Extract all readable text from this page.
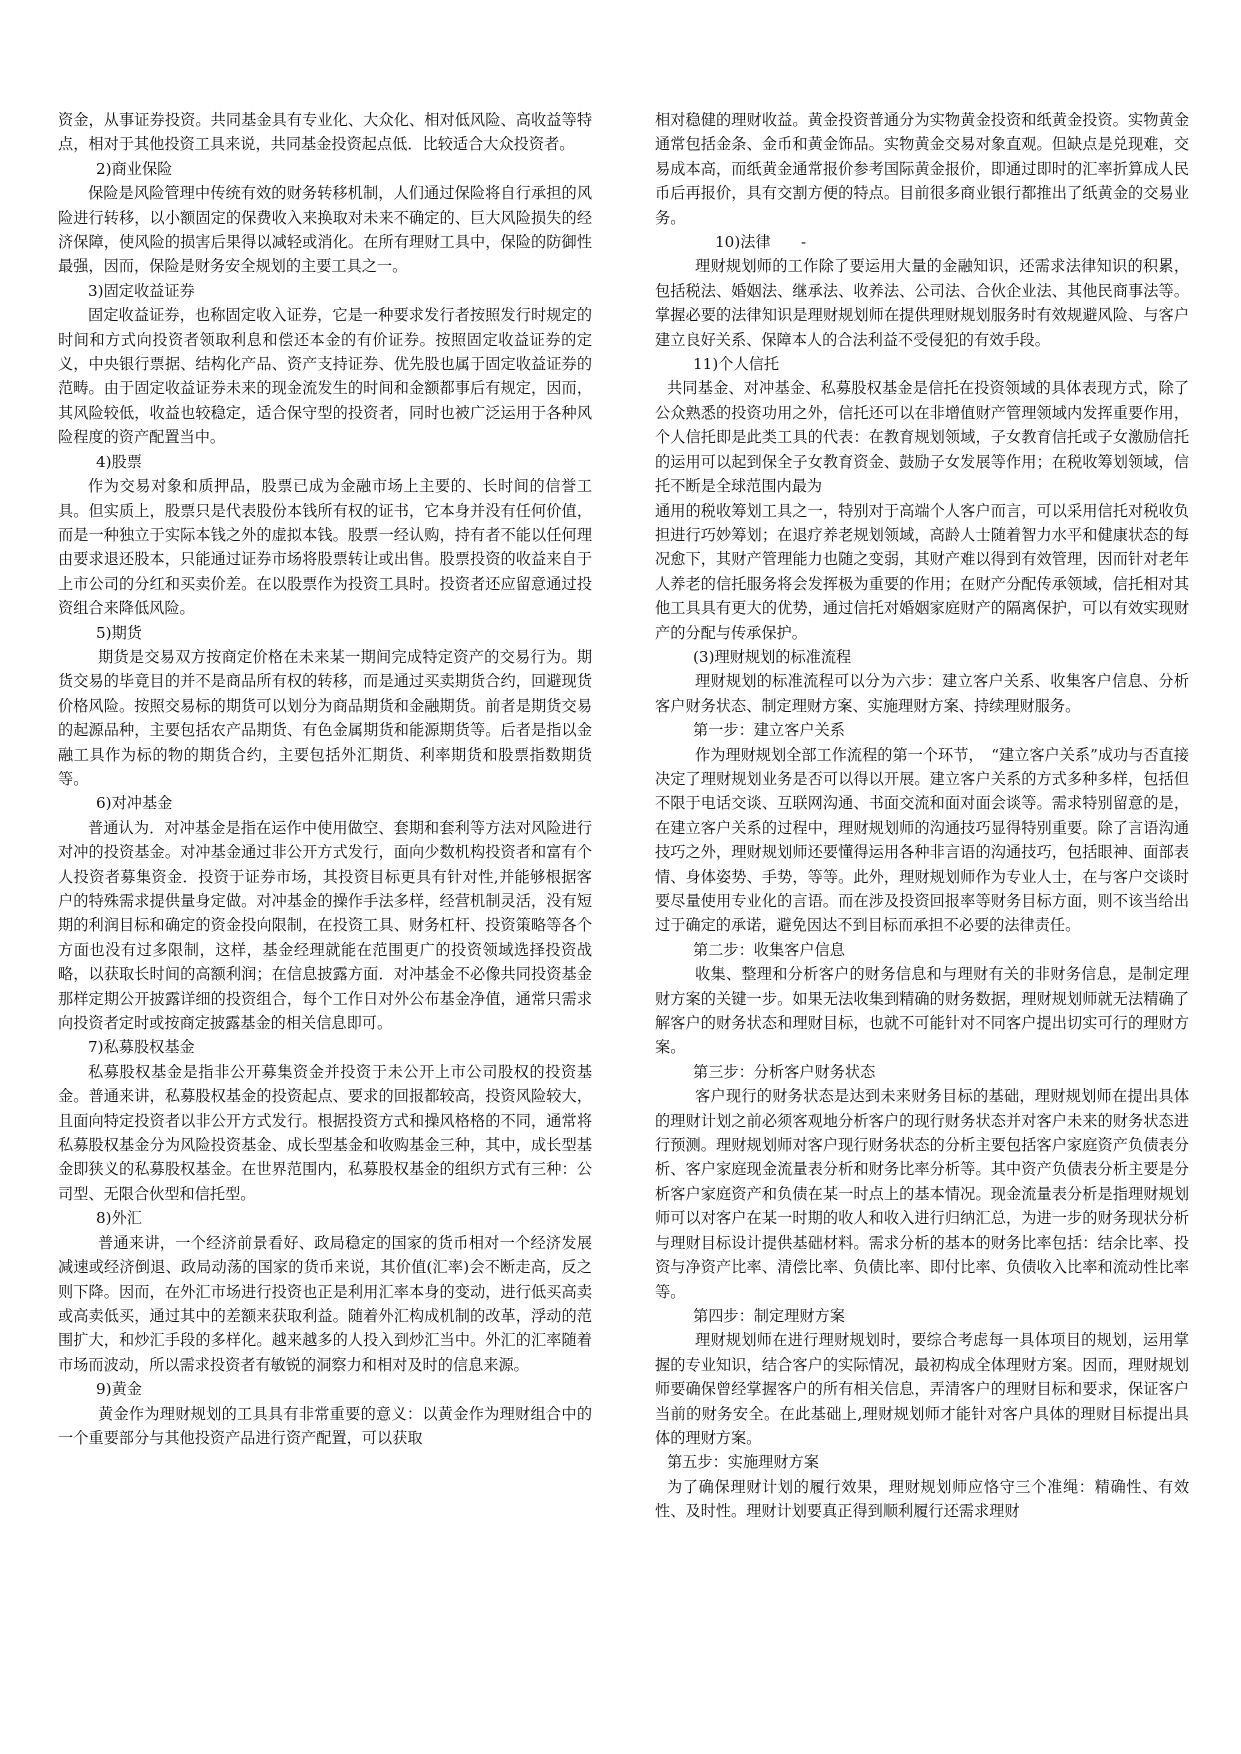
资金，从事证券投资。共同基金具有专业化、大众化、相对低风险、高收益等特点，相对于其他投资工具来说，共同基金投资起点低．比较适合大众投资者。

2)商业保险

保险是风险管理中传统有效的财务转移机制，人们通过保险将自行承担的风险进行转移，以小额固定的保费收入来换取对未来不确定的、巨大风险损失的经济保障，使风险的损害后果得以减轻或消化。在所有理财工具中，保险的防御性最强，因而，保险是财务安全规划的主要工具之一。

3)固定收益证券

固定收益证券，也称固定收入证券，它是一种要求发行者按照发行时规定的时间和方式向投资者领取利息和偿还本金的有价证券。按照固定收益证券的定义，中央银行票据、结构化产品、资产支持证券、优先股也属于固定收益证券的范畴。由于固定收益证券未来的现金流发生的时间和金额都事后有规定，因而，其风险较低，收益也较稳定，适合保守型的投资者，同时也被广泛运用于各种风险程度的资产配置当中。

4)股票

作为交易对象和质押品，股票已成为金融市场上主要的、长时间的信誉工具。但实质上，股票只是代表股份本钱所有权的证书，它本身并没有任何价值，而是一种独立于实际本钱之外的虚拟本钱。股票一经认购，持有者不能以任何理由要求退还股本，只能通过证券市场将股票转让或出售。股票投资的收益来自于上市公司的分红和买卖价差。在以股票作为投资工具时。投资者还应留意通过投资组合来降低风险。

5)期货

期货是交易双方按商定价格在未来某一期间完成特定资产的交易行为。期货交易的毕竟目的并不是商品所有权的转移，而是通过买卖期货合约，回避现货价格风险。按照交易标的期货可以划分为商品期货和金融期货。前者是期货交易的起源品种，主要包括农产品期货、有色金属期货和能源期货等。后者是指以金融工具作为标的物的期货合约，主要包括外汇期货、利率期货和股票指数期货等。

6)对冲基金

普通认为．对冲基金是指在运作中使用做空、套期和套利等方法对风险进行对冲的投资基金。对冲基金通过非公开方式发行，面向少数机构投资者和富有个人投资者募集资金．投资于证券市场，其投资目标更具有针对性,并能够根据客户的特殊需求提供量身定做。对冲基金的操作手法多样，经营机制灵活，没有短期的利润目标和确定的资金投向限制，在投资工具、财务杠杆、投资策略等各个方面也没有过多限制，这样，基金经理就能在范围更广的投资领域选择投资战略，以获取长时间的高额利润；在信息披露方面．对冲基金不必像共同投资基金那样定期公开披露详细的投资组合，每个工作日对外公布基金净值，通常只需求向投资者定时或按商定披露基金的相关信息即可。

7)私募股权基金

私募股权基金是指非公开募集资金并投资于未公开上市公司股权的投资基金。普通来讲，私募股权基金的投资起点、要求的回报都较高，投资风险较大，且面向特定投资者以非公开方式发行。根据投资方式和操风格格的不同，通常将私募股权基金分为风险投资基金、成长型基金和收购基金三种，其中，成长型基金即狭义的私募股权基金。在世界范围内，私募股权基金的组织方式有三种：公司型、无限合伙型和信托型。

8)外汇

普通来讲，一个经济前景看好、政局稳定的国家的货币相对一个经济发展减速或经济倒退、政局动荡的国家的货币来说，其价值(汇率)会不断走高，反之则下降。因而，在外汇市场进行投资也正是利用汇率本身的变动，进行低买高卖或高卖低买，通过其中的差额来获取利益。随着外汇构成机制的改革，浮动的范围扩大，和炒汇手段的多样化。越来越多的人投入到炒汇当中。外汇的汇率随着市场而波动，所以需求投资者有敏锐的洞察力和相对及时的信息来源。

9)黄金

黄金作为理财规划的工具具有非常重要的意义：以黄金作为理财组合中的一个重要部分与其他投资产品进行资产配置，可以获取

相对稳健的理财收益。黄金投资普通分为实物黄金投资和纸黄金投资。实物黄金通常包括金条、金币和黄金饰品。实物黄金交易对象直观。但缺点是兑现难，交易成本高，而纸黄金通常报价参考国际黄金报价，即通过即时的汇率折算成人民币后再报价，具有交割方便的特点。目前很多商业银行都推出了纸黄金的交易业务。

10)法律　　-

理财规划师的工作除了要运用大量的金融知识，还需求法律知识的积累，包括税法、婚姻法、继承法、收养法、公司法、合伙企业法、其他民商事法等。掌握必要的法律知识是理财规划师在提供理财规划服务时有效规避风险、与客户建立良好关系、保障本人的合法利益不受侵犯的有效手段。

11)个人信托

共同基金、对冲基金、私募股权基金是信托在投资领域的具体表现方式，除了公众熟悉的投资功用之外，信托还可以在非增值财产管理领域内发挥重要作用，个人信托即是此类工具的代表：在教育规划领域，子女教育信托或子女激励信托的运用可以起到保全子女教育资金、鼓励子女发展等作用；在税收筹划领域，信托不断是全球范围内最为

通用的税收筹划工具之一，特别对于高端个人客户而言，可以采用信托对税收负担进行巧妙筹划；在退疗养老规划领域，高龄人士随着智力水平和健康状态的每况愈下，其财产管理能力也随之变弱，其财产难以得到有效管理，因而针对老年人养老的信托服务将会发挥极为重要的作用；在财产分配传承领域，信托相对其他工具具有更大的优势，通过信托对婚姻家庭财产的隔离保护，可以有效实现财产的分配与传承保护。

(3)理财规划的标准流程

理财规划的标准流程可以分为六步：建立客户关系、收集客户信息、分析客户财务状态、制定理财方案、实施理财方案、持续理财服务。

第一步：建立客户关系

作为理财规划全部工作流程的第一个环节，　“建立客户关系”成功与否直接决定了理财规划业务是否可以得以开展。建立客户关系的方式多种多样，包括但不限于电话交谈、互联网沟通、书面交流和面对面会谈等。需求特别留意的是，在建立客户关系的过程中，理财规划师的沟通技巧显得特别重要。除了言语沟通技巧之外，理财规划师还要懂得运用各种非言语的沟通技巧，包括眼神、面部表情、身体姿势、手势，等等。此外，理财规划师作为专业人士，在与客户交谈时要尽量使用专业化的言语。而在涉及投资回报率等财务目标方面，则不该当给出过于确定的承诺，避免因达不到目标而承担不必要的法律责任。

第二步：收集客户信息

收集、整理和分析客户的财务信息和与理财有关的非财务信息，是制定理财方案的关键一步。如果无法收集到精确的财务数据，理财规划师就无法精确了解客户的财务状态和理财目标，也就不可能针对不同客户提出切实可行的理财方案。

第三步：分析客户财务状态

客户现行的财务状态是达到未来财务目标的基础，理财规划师在提出具体的理财计划之前必须客观地分析客户的现行财务状态并对客户未来的财务状态进行预测。理财规划师对客户现行财务状态的分析主要包括客户家庭资产负债表分析、客户家庭现金流量表分析和财务比率分析等。其中资产负债表分析主要是分析客户家庭资产和负债在某一时点上的基本情况。现金流量表分析是指理财规划师可以对客户在某一时期的收人和收入进行归纳汇总，为进一步的财务现状分析与理财目标设计提供基础材料。需求分析的基本的财务比率包括：结余比率、投资与净资产比率、清偿比率、负债比率、即付比率、负债收入比率和流动性比率等。

第四步：制定理财方案

理财规划师在进行理财规划时，要综合考虑每一具体项目的规划，运用掌握的专业知识，结合客户的实际情况，最初构成全体理财方案。因而，理财规划师要确保曾经掌握客户的所有相关信息，弄清客户的理财目标和要求，保证客户当前的财务安全。在此基础上,理财规划师才能针对客户具体的理财目标提出具体的理财方案。

第五步：实施理财方案

为了确保理财计划的履行效果，理财规划师应恪守三个准绳：精确性、有效性、及时性。理财计划要真正得到顺利履行还需求理财
